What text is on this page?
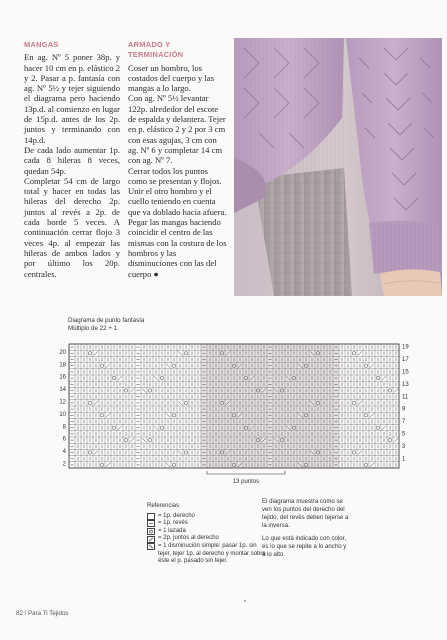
MANGAS

En ag. Nº 5 poner 38p. y hacer 10 cm en p. elástico 2 y 2. Pasar a p. fantasía con ag. Nº 5½ y tejer siguiendo el diagrama pero haciendo 13p.d. al comienzo en lugar de 15p.d. antes de los 2p. juntos y terminando con 14p.d.

De cada lado aumentar 1p. cada 8 hileras 8 veces, quedan 54p.

Completar 54 cm de largo total y hacer en todas las hileras del derecho 2p. juntos al revés a 2p. de cada borde 5 veces. A continuación cerrar flojo 3 veces 4p. al empezar las hileras de ambos lados y por último los 20p. centrales.

ARMADO Y TERMINACIÓN

Coser un hombro, los costados del cuerpo y las mangas a lo largo.

Con ag. Nº 5½ levantar 122p. alrededor del escote de espalda y delantera. Tejer en p. elástico 2 y 2 por 3 cm con esas agujas, 3 cm con ag. Nº 6 y completar 14 cm con ag. Nº 7.

Cerrar todos los puntos como se presentan y flojos. Unir el otro hombro y el cuello teniendo en cuenta que va doblado hacia afuera.

Pegar las mangas haciendo coincidir el centro de las mismas con la costura de los hombros y las disminuciones con las del cuerpo ●

Diagrama de punto fantasía
Múltiplo de 22 + 1
20
18
16
14
12
10
8
6
4
2
19
17
15
13
11
9
7
5
3
1
13 puntos
Referencias
= 1p. derecho
= 1p. revés
= 1 lazada
= 2p. juntos al derecho
= 1 disminución simple: pasar 1p. sin tejer, tejer 1p. al derecho y montar sobre éste el p. pasado sin tejer.

El diagrama muestra como se ven los puntos del derecho del tejido, del revés deben tejerse a la inversa.

Lo que está indicado con color, es lo que se repite a lo ancho y a lo alto.

82 / Para Ti Tejidos
